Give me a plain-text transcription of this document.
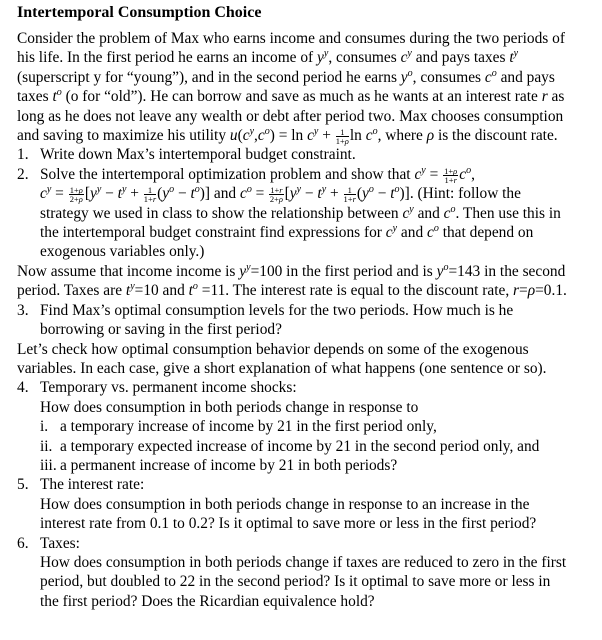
Intertemporal Consumption Choice

Consider the problem of Max who earns income and consumes during the two periods of

his life. In the first period he earns an income of $y^y$, consumes $c^y$ and pays taxes $t^y$

(superscript y for “young”), and in the second period he earns $y^o$, consumes $c^o$ and pays

taxes $t^o$ (o for “old”). He can borrow and save as much as he wants at an interest rate r as

long as he does not leave any wealth or debt after period two. Max chooses consumption

and saving to maximize his utility $u(c^y,c^o) = \ln c^y + \frac{1}{1+\rho}$ $\ln c^o$, where ρ is the discount rate.

1. Write down Max’s intertemporal budget constraint.
2. Solve the intertemporal optimization problem and show that $c^y = \frac{1+\rho}{1+r} c^o$,

$c^y = \frac{1+\rho}{2+\rho} [y^y - t^y + \frac{1}{1+r} (y^o - t^o)]$ and $c^o = \frac{1+r}{2+\rho} [y^y - t^y + \frac{1}{1+r} (y^o - t^o)]$. (Hint: follow the

strategy we used in class to show the relationship between $c^y$ and $c^o$. Then use this in

the intertemporal budget constraint find expressions for $c^y$ and $c^o$ that depend on

exogenous variables only.)

Now assume that income income is $y^y=100$ in the first period and is $y^o=143$ in the second

period. Taxes are $t^y=10$ and $t^o =11$. The interest rate is equal to the discount rate, r=ρ=0.1.

3. Find Max’s optimal consumption levels for the two periods. How much is he

borrowing or saving in the first period?

Let’s check how optimal consumption behavior depends on some of the exogenous

variables. In each case, give a short explanation of what happens (one sentence or so).

4. Temporary vs. permanent income shocks:

How does consumption in both periods change in response to

i. a temporary increase of income by 21 in the first period only,
ii. a temporary expected increase of income by 21 in the second period only, and
iii. a permanent increase of income by 21 in both periods?
5. The interest rate:

How does consumption in both periods change in response to an increase in the

interest rate from 0.1 to 0.2? Is it optimal to save more or less in the first period?

6. Taxes:

How does consumption in both periods change if taxes are reduced to zero in the first

period, but doubled to 22 in the second period? Is it optimal to save more or less in

the first period? Does the Ricardian equivalence hold?
